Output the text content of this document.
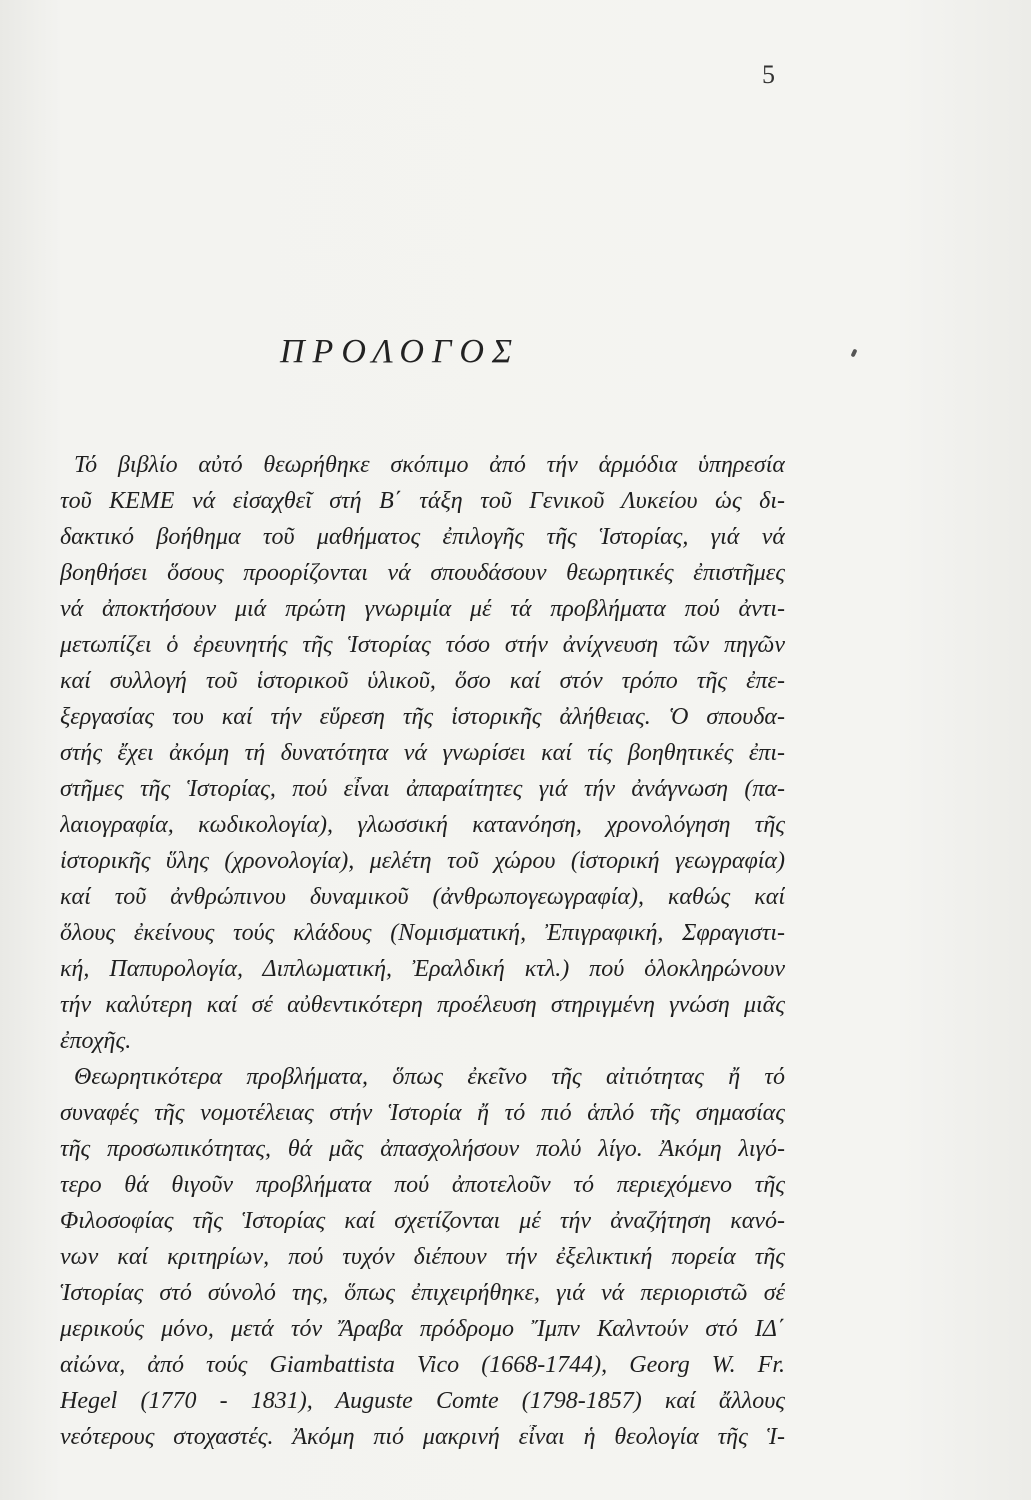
5
ΠΡΟΛΟΓΟΣ
Τό βιβλίο αὐτό θεωρήθηκε σκόπιμο ἀπό τήν ἁρμόδια ὑπηρεσία
τοῦ ΚΕΜΕ νά εἰσαχθεῖ στή Β΄ τάξη τοῦ Γενικοῦ Λυκείου ὡς δι-
δακτικό βοήθημα τοῦ μαθήματος ἐπιλογῆς τῆς Ἱστορίας, γιά νά
βοηθήσει ὅσους προορίζονται νά σπουδάσουν θεωρητικές ἐπιστῆμες
νά ἀποκτήσουν μιά πρώτη γνωριμία μέ τά προβλήματα πού ἀντι-
μετωπίζει ὁ ἐρευνητής τῆς Ἱστορίας τόσο στήν ἀνίχνευση τῶν πηγῶν
καί συλλογή τοῦ ἱστορικοῦ ὑλικοῦ, ὅσο καί στόν τρόπο τῆς ἐπε-
ξεργασίας του καί τήν εὕρεση τῆς ἱστορικῆς ἀλήθειας. Ὁ σπουδα-
στής ἔχει ἀκόμη τή δυνατότητα νά γνωρίσει καί τίς βοηθητικές ἐπι-
στῆμες τῆς Ἱστορίας, πού εἶναι ἀπαραίτητες γιά τήν ἀνάγνωση (πα-
λαιογραφία, κωδικολογία), γλωσσική κατανόηση, χρονολόγηση τῆς
ἱστορικῆς ὕλης (χρονολογία), μελέτη τοῦ χώρου (ἱστορική γεωγραφία)
καί τοῦ ἀνθρώπινου δυναμικοῦ (ἀνθρωπογεωγραφία), καθώς καί
ὅλους ἐκείνους τούς κλάδους (Νομισματική, Ἐπιγραφική, Σφραγιστι-
κή, Παπυρολογία, Διπλωματική, Ἐραλδική κτλ.) πού ὁλοκληρώνουν
τήν καλύτερη καί σέ αὐθεντικότερη προέλευση στηριγμένη γνώση μιᾶς
ἐποχῆς.
Θεωρητικότερα προβλήματα, ὅπως ἐκεῖνο τῆς αἰτιότητας ἤ τό
συναφές τῆς νομοτέλειας στήν Ἱστορία ἤ τό πιό ἁπλό τῆς σημασίας
τῆς προσωπικότητας, θά μᾶς ἀπασχολήσουν πολύ λίγο. Ἀκόμη λιγό-
τερο θά θιγοῦν προβλήματα πού ἀποτελοῦν τό περιεχόμενο τῆς
Φιλοσοφίας τῆς Ἱστορίας καί σχετίζονται μέ τήν ἀναζήτηση κανό-
νων καί κριτηρίων, πού τυχόν διέπουν τήν ἐξελικτική πορεία τῆς
Ἱστορίας στό σύνολό της, ὅπως ἐπιχειρήθηκε, γιά νά περιοριστῶ σέ
μερικούς μόνο, μετά τόν Ἄραβα πρόδρομο Ἴμπν Καλντούν στό ΙΔ΄
αἰώνα, ἀπό τούς Giambattista Vico (1668-1744), Georg W. Fr.
Hegel (1770 - 1831), Auguste Comte (1798-1857) καί ἄλλους
νεότερους στοχαστές. Ἀκόμη πιό μακρινή εἶναι ἡ θεολογία τῆς Ἱ-
